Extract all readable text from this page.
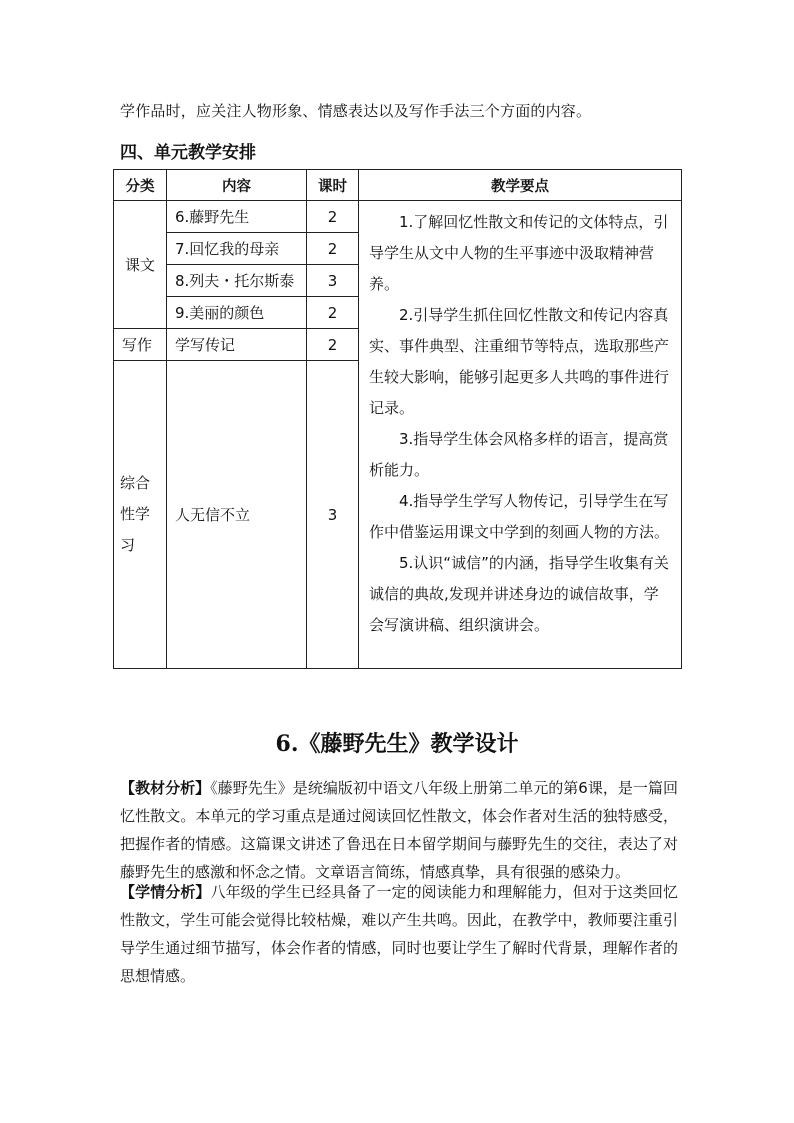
学作品时，应关注人物形象、情感表达以及写作手法三个方面的内容。
四、单元教学安排
分类	内容	课时	教学要点
课文	6.藤野先生	2	1.了解回忆性散文和传记的文体特点，引导学生从文中人物的生平事迹中汲取精神营养。

2.引导学生抓住回忆性散文和传记内容真实、事件典型、注重细节等特点，选取那些产生较大影响，能够引起更多人共鸣的事件进行记录。

3.指导学生体会风格多样的语言，提高赏析能力。

4.指导学生学写人物传记，引导学生在写作中借鉴运用课文中学到的刻画人物的方法。

5.认识“诚信”的内涵，指导学生收集有关诚信的典故,发现并讲述身边的诚信故事，学会写演讲稿、组织演讲会。

	7.回忆我的母亲	2	
	8.列夫・托尔斯泰	3	
	9.美丽的颜色	2	
写作	学写传记	2	

综合
性学
习	人无信不立	3	
6.《藤野先生》教学设计
【教材分析】《藤野先生》是统编版初中语文八年级上册第二单元的第6课，是一篇回忆性散文。本单元的学习重点是通过阅读回忆性散文，体会作者对生活的独特感受，把握作者的情感。这篇课文讲述了鲁迅在日本留学期间与藤野先生的交往，表达了对藤野先生的感激和怀念之情。文章语言简练，情感真挚，具有很强的感染力。
【学情分析】八年级的学生已经具备了一定的阅读能力和理解能力，但对于这类回忆性散文，学生可能会觉得比较枯燥，难以产生共鸣。因此，在教学中，教师要注重引导学生通过细节描写，体会作者的情感，同时也要让学生了解时代背景，理解作者的思想情感。
